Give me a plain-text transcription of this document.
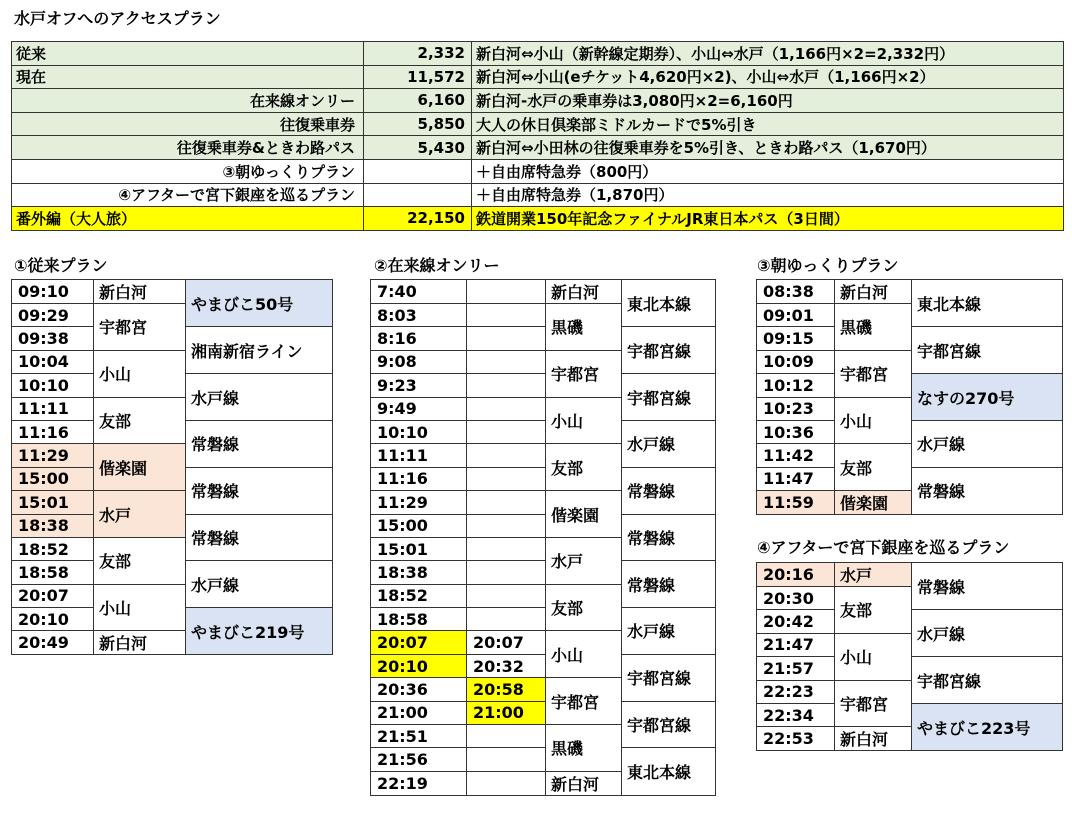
水戸オフへのアクセスプラン
従来	2,332	新白河⇔小山（新幹線定期券）、小山⇔水戸（1,166円×2=2,332円）
現在	11,572	新白河⇔小山(eチケット4,620円×2)、小山⇔水戸（1,166円×2）
在来線オンリー	6,160	新白河-水戸の乗車券は3,080円×2=6,160円
往復乗車券	5,850	大人の休日倶楽部ミドルカードで5%引き
往復乗車券&ときわ路パス	5,430	新白河⇔小田林の往復乗車券を5%引き、ときわ路パス（1,670円）
③朝ゆっくりプラン		＋自由席特急券（800円）
④アフターで宮下銀座を巡るプラン		＋自由席特急券（1,870円）
番外編（大人旅）	22,150	鉄道開業150年記念ファイナルJR東日本パス（3日間）
①従来プラン
09:10	新白河	やまびこ50号
09:29	宇都宮	
09:38		湘南新宿ライン
10:04	小山	
10:10		水戸線
11:11	友部	
11:16		常磐線
11:29	偕楽園	
15:00		常磐線
15:01	水戸	
18:38		常磐線
18:52	友部	
18:58		水戸線
20:07	小山	
20:10		やまびこ219号
20:49	新白河	
②在来線オンリー
7:40		新白河	東北本線
8:03		黒磯	
8:16			宇都宮線
9:08		宇都宮	
9:23			宇都宮線
9:49		小山	
10:10			水戸線
11:11		友部	
11:16			常磐線
11:29		偕楽園	
15:00			常磐線
15:01		水戸	
18:38			常磐線
18:52		友部	
18:58			水戸線
20:07	20:07	小山	
20:10	20:32		宇都宮線
20:36	20:58	宇都宮	
21:00	21:00		宇都宮線
21:51		黒磯	
21:56			東北本線
22:19		新白河	
③朝ゆっくりプラン
08:38	新白河	東北本線
09:01	黒磯	
09:15		宇都宮線
10:09	宇都宮	
10:12		なすの270号
10:23	小山	
10:36		水戸線
11:42	友部	
11:47		常磐線
11:59	偕楽園	
④アフターで宮下銀座を巡るプラン
20:16	水戸	常磐線
20:30	友部	
20:42		水戸線
21:47	小山	
21:57		宇都宮線
22:23	宇都宮	
22:34		やまびこ223号
22:53	新白河	
